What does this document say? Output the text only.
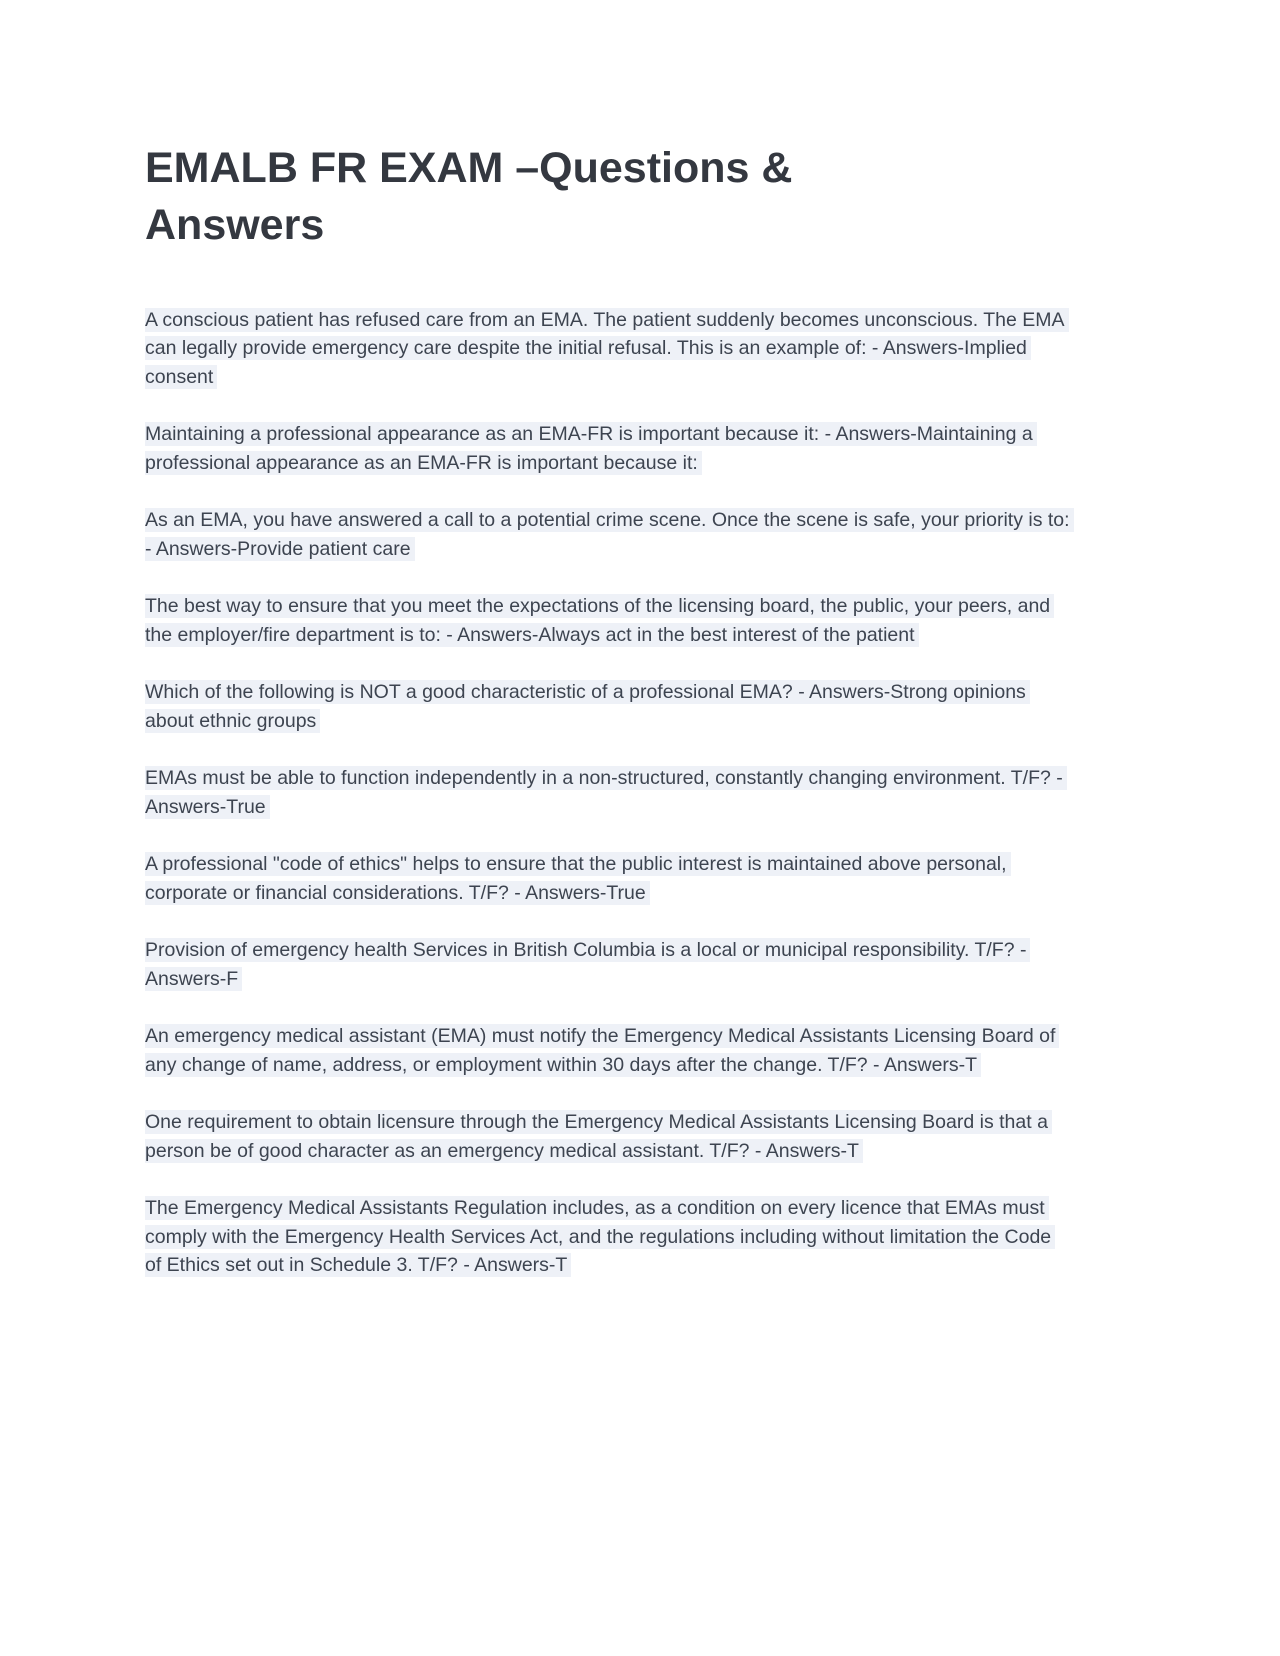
EMALB FR EXAM –Questions & Answers

A conscious patient has refused care from an EMA. The patient suddenly becomes unconscious. The EMA can legally provide emergency care despite the initial refusal. This is an example of: - Answers-Implied consent

Maintaining a professional appearance as an EMA-FR is important because it: - Answers-Maintaining a professional appearance as an EMA-FR is important because it:

As an EMA, you have answered a call to a potential crime scene. Once the scene is safe, your priority is to: - Answers-Provide patient care

The best way to ensure that you meet the expectations of the licensing board, the public, your peers, and the employer/fire department is to: - Answers-Always act in the best interest of the patient

Which of the following is NOT a good characteristic of a professional EMA? - Answers-Strong opinions about ethnic groups

EMAs must be able to function independently in a non-structured, constantly changing environment. T/F? - Answers-True

A professional "code of ethics" helps to ensure that the public interest is maintained above personal, corporate or financial considerations. T/F? - Answers-True

Provision of emergency health Services in British Columbia is a local or municipal responsibility. T/F? - Answers-F

An emergency medical assistant (EMA) must notify the Emergency Medical Assistants Licensing Board of any change of name, address, or employment within 30 days after the change. T/F? - Answers-T

One requirement to obtain licensure through the Emergency Medical Assistants Licensing Board is that a person be of good character as an emergency medical assistant. T/F? - Answers-T

The Emergency Medical Assistants Regulation includes, as a condition on every licence that EMAs must comply with the Emergency Health Services Act, and the regulations including without limitation the Code of Ethics set out in Schedule 3. T/F? - Answers-T
